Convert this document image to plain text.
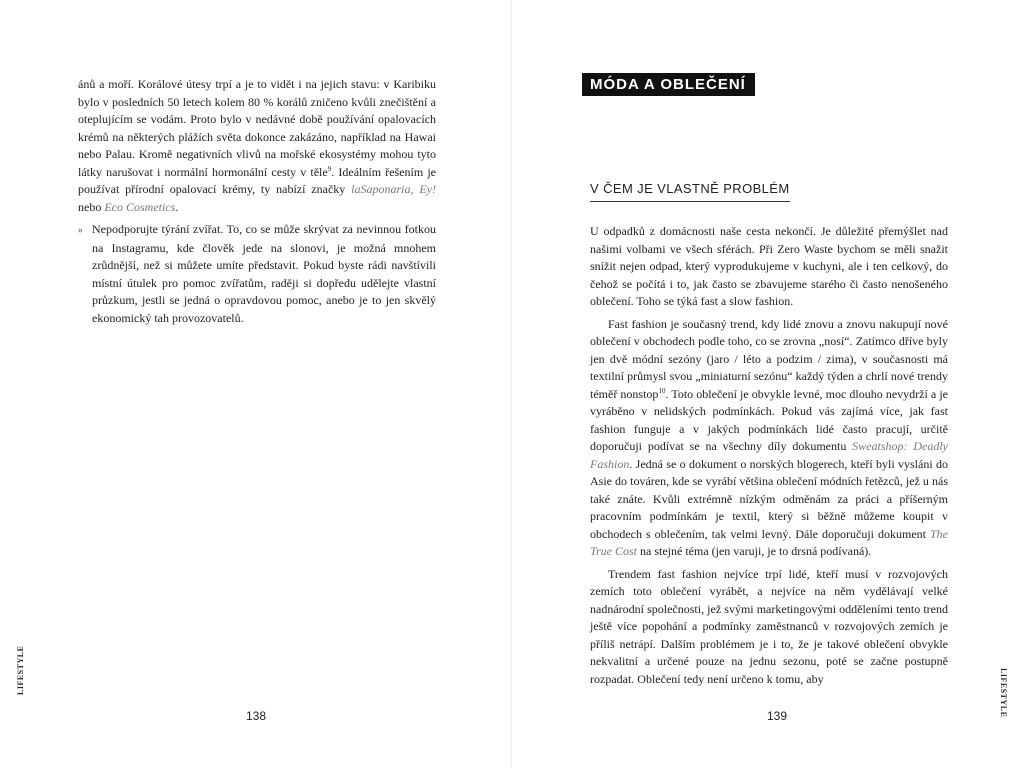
ánů a moří. Korálové útesy trpí a je to vidět i na jejich stavu: v Karibiku bylo v posledních 50 letech kolem 80 % korálů zničeno kvůli znečištění a oteplujícím se vodám. Proto bylo v nedávné době používání opalovacích krémů na některých plážích světa dokonce zakázáno, například na Hawai nebo Palau. Kromě negativních vlivů na mořské ekosystémy mohou tyto látky narušovat i normální hormonální cesty v těle$^9$. Ideálním řešením je používat přírodní opalovací krémy, ty nabízí značky laSaponaria, Ey! nebo Eco Cosmetics.

» Nepodporujte týrání zvířat. To, co se může skrývat za nevinnou fotkou na Instagramu, kde člověk jede na slonovi, je možná mnohem zrůdnější, než si můžete umíte představit. Pokud byste rádi navštívili místní útulek pro pomoc zvířatům, raději si dopředu udělejte vlastní průzkum, jestli se jedná o opravdovou pomoc, anebo je to jen skvělý ekonomický tah provozovatelů.

138
LIFESTYLE
MÓDA A OBLEČENÍ
V ČEM JE VLASTNĚ PROBLÉM

U odpadků z domácnosti naše cesta nekončí. Je důležité přemýšlet nad našimi volbami ve všech sférách. Při Zero Waste bychom se měli snažit snížit nejen odpad, který vyprodukujeme v kuchyni, ale i ten celkový, do čehož se počítá i to, jak často se zbavujeme starého či často nenošeného oblečení. Toho se týká fast a slow fashion.

Fast fashion je současný trend, kdy lidé znovu a znovu nakupují nové oblečení v obchodech podle toho, co se zrovna „nosí“. Zatímco dříve byly jen dvě módní sezóny (jaro / léto a podzim / zima), v současnosti má textilní průmysl svou „miniaturní sezónu“ každý týden a chrlí nové trendy téměř nonstop$^{10}$. Toto oblečení je obvykle levné, moc dlouho nevydrží a je vyráběno v nelidských podmínkách. Pokud vás zajímá více, jak fast fashion funguje a v jakých podmínkách lidé často pracují, určitě doporučuji podívat se na všechny díly dokumentu Sweatshop: Deadly Fashion. Jedná se o dokument o norských blogerech, kteří byli vysláni do Asie do továren, kde se vyrábí většina oblečení módních řetězců, jež u nás také znáte. Kvůli extrémně nízkým odměnám za práci a příšerným pracovním podmínkám je textil, který si běžně můžeme koupit v obchodech s oblečením, tak velmi levný. Dále doporučuji dokument The True Cost na stejné téma (jen varuji, je to drsná podívaná).

Trendem fast fashion nejvíce trpí lidé, kteří musí v rozvojových zemích toto oblečení vyrábět, a nejvíce na něm vydělávají velké nadnárodní společnosti, jež svými marketingovými odděleními tento trend ještě více popohání a podmínky zaměstnanců v rozvojových zemích je příliš netrápí. Dalším problémem je i to, že je takové oblečení obvykle nekvalitní a určené pouze na jednu sezonu, poté se začne postupně rozpadat. Oblečení tedy není určeno k tomu, aby

139	LIFESTYLE
